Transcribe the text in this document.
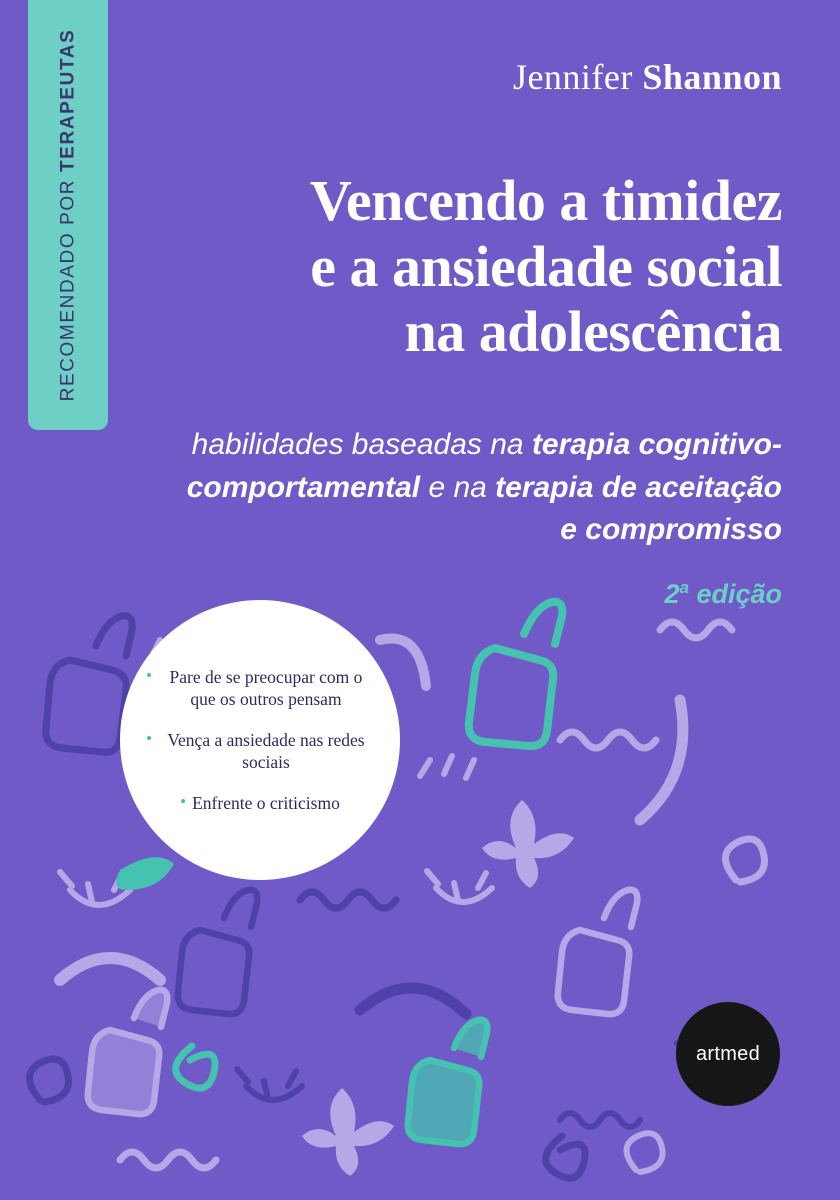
RECOMENDADO POR TERAPEUTAS	Jennifer Shannon
Vencendo a timidez
e a ansiedade social
na adolescência
habilidades baseadas na terapia cognitivo-comportamental e na terapia de aceitação e compromisso
2$^a$ edição
•	Pare de se preocupar com o que os outros pensam
• Vença a ansiedade nas redes sociais
• Enfrente o criticismo
artmed
